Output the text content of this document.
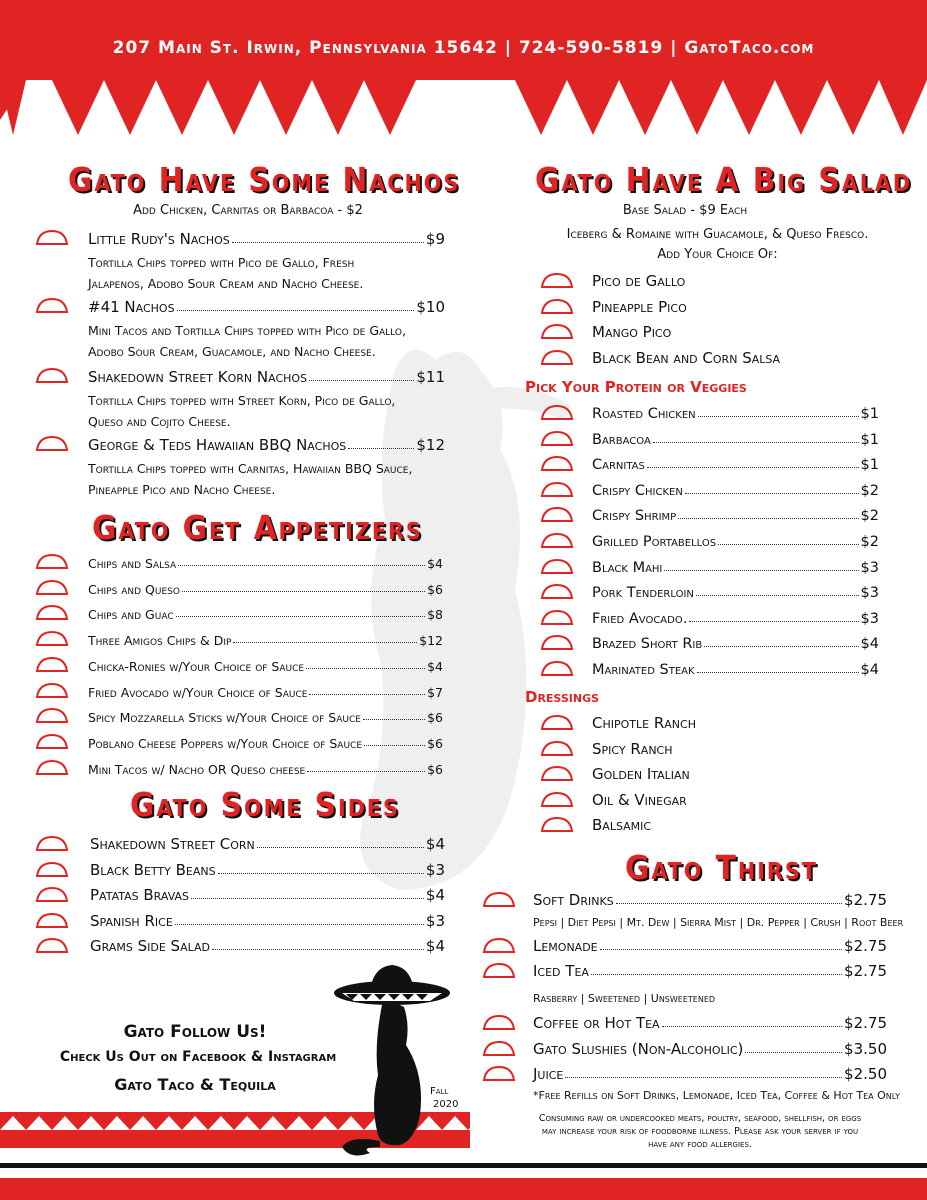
207 Main St. Irwin, Pennsylvania 15642 | 724-590-5819 | GatoTaco.com
Gato Have Some Nachos
Add Chicken, Carnitas or Barbacoa - $2
Little Rudy's Nachos	$9
Tortilla Chips topped with Pico de Gallo, Fresh
Jalapenos, Adobo Sour Cream and Nacho Cheese.
#41 Nachos	$10
Mini Tacos and Tortilla Chips topped with Pico de Gallo,
Adobo Sour Cream, Guacamole, and Nacho Cheese.
Shakedown Street Korn Nachos	$11
Tortilla Chips topped with Street Korn, Pico de Gallo,
Queso and Cojito Cheese.
George & Teds Hawaiian BBQ Nachos	$12
Tortilla Chips topped with Carnitas, Hawaiian BBQ Sauce,
Pineapple Pico and Nacho Cheese.
Gato Get Appetizers
Chips and Salsa	$4
Chips and Queso	$6
Chips and Guac	$8
Three Amigos Chips & Dip	$12
Chicka-Ronies w/Your Choice of Sauce	$4
Fried Avocado w/Your Choice of Sauce	$7
Spicy Mozzarella Sticks w/Your Choice of Sauce	$6
Poblano Cheese Poppers w/Your Choice of Sauce	$6
Mini Tacos w/ Nacho OR Queso cheese	$6
Gato Some Sides
Shakedown Street Corn	$4
Black Betty Beans	$3
Patatas Bravas	$4
Spanish Rice	$3
Grams Side Salad	$4
Gato Follow Us!
Check Us Out on Facebook & Instagram
Gato Taco & Tequila	Fall
2020
Gato Have A Big Salad
Base Salad - $9 Each
Iceberg & Romaine with Guacamole, & Queso Fresco.
Add Your Choice Of:
Pico de Gallo
Pineapple Pico
Mango Pico
Black Bean and Corn Salsa
Pick Your Protein or Veggies
Roasted Chicken	$1
Barbacoa	$1
Carnitas	$1
Crispy Chicken	$2
Crispy Shrimp	$2
Grilled Portabellos	$2
Black Mahi	$3
Pork Tenderloin	$3
Fried Avocado.	$3
Brazed Short Rib	$4
Marinated Steak	$4
Dressings
Chipotle Ranch
Spicy Ranch
Golden Italian
Oil & Vinegar
Balsamic
Gato Thirst
Soft Drinks	$2.75
Lemonade	$2.75
Iced Tea	$2.75
Coffee or Hot Tea	$2.75
Gato Slushies (Non-Alcoholic)	$3.50
Juice	$2.50
Pepsi | Diet Pepsi | Mt. Dew | Sierra Mist | Dr. Pepper | Crush | Root Beer
Rasberry | Sweetened | Unsweetened
*Free Refills on Soft Drinks, Lemonade, Iced Tea, Coffee & Hot Tea Only
Consuming raw or undercooked meats, poultry, seafood, shellfish, or eggs
may increase your risk of foodborne illness. Please ask your server if you
have any food allergies.
